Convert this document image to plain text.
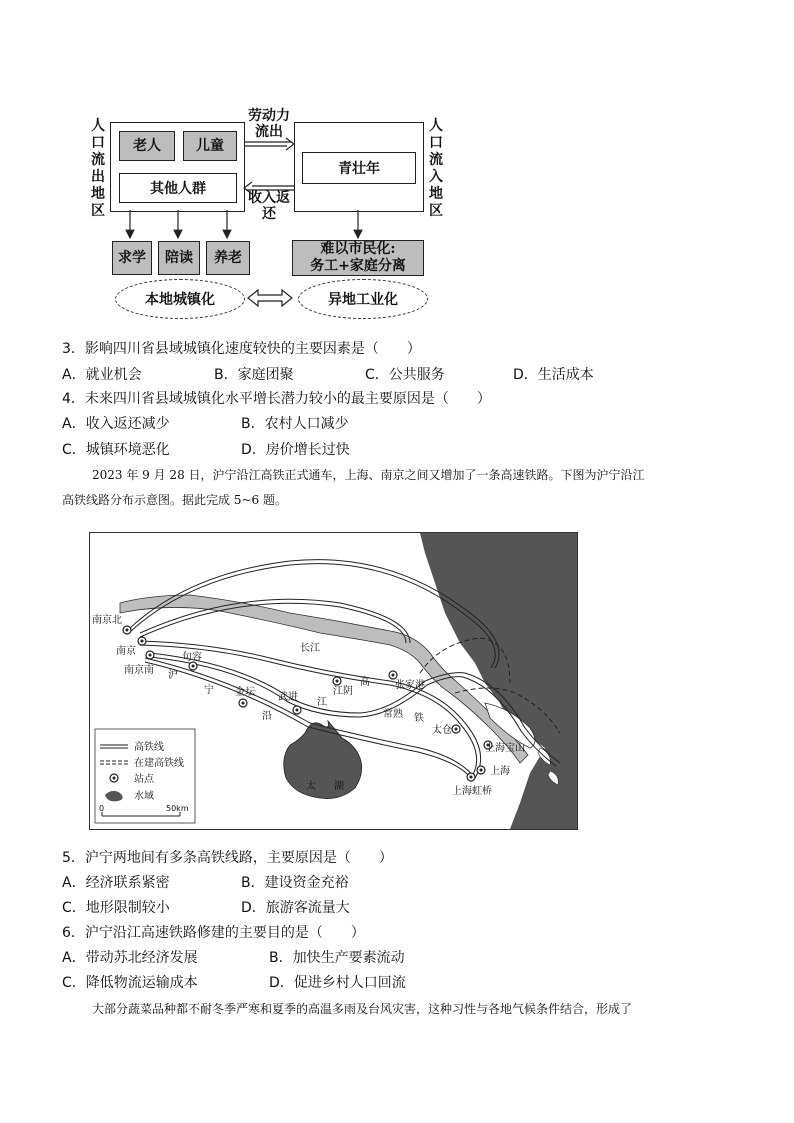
人口流出地区
人口流入地区
老人	儿童
其他人群
青壮年
劳动力流出
收入返还
求学	陪读	养老
难以市民化:
务工+家庭分离
本地城镇化	异地工业化
3．影响四川省县域城镇化速度较快的主要因素是（　　）
A．就业机会	B．家庭团聚	C．公共服务	D．生活成本
4．未来四川省县域城镇化水平增长潜力较小的最主要原因是（　　）
A．收入返还减少	B．农村人口减少
C．城镇环境恶化	D．房价增长过快
2023 年 9 月 28 日，沪宁沿江高铁正式通车，上海、南京之间又增加了一条高速铁路。下图为沪宁沿江
高铁线路分布示意图。据此完成 5~6 题。
南京北
南京
南京南
句容
金坛 武进
江阴
张家港
常熟
太仓
上海宝山
上海
上海虹桥
沪
宁
沿
江
高
铁
长江
太 湖
高铁线
在建高铁线
站点
水域
0	50km
5．沪宁两地间有多条高铁线路，主要原因是（　　）
A．经济联系紧密	B．建设资金充裕
C．地形限制较小	D．旅游客流量大
6．沪宁沿江高速铁路修建的主要目的是（　　）
A．带动苏北经济发展	B．加快生产要素流动
C．降低物流运输成本	D．促进乡村人口回流
大部分蔬菜品种都不耐冬季严寒和夏季的高温多雨及台风灾害，这种习性与各地气候条件结合，形成了
